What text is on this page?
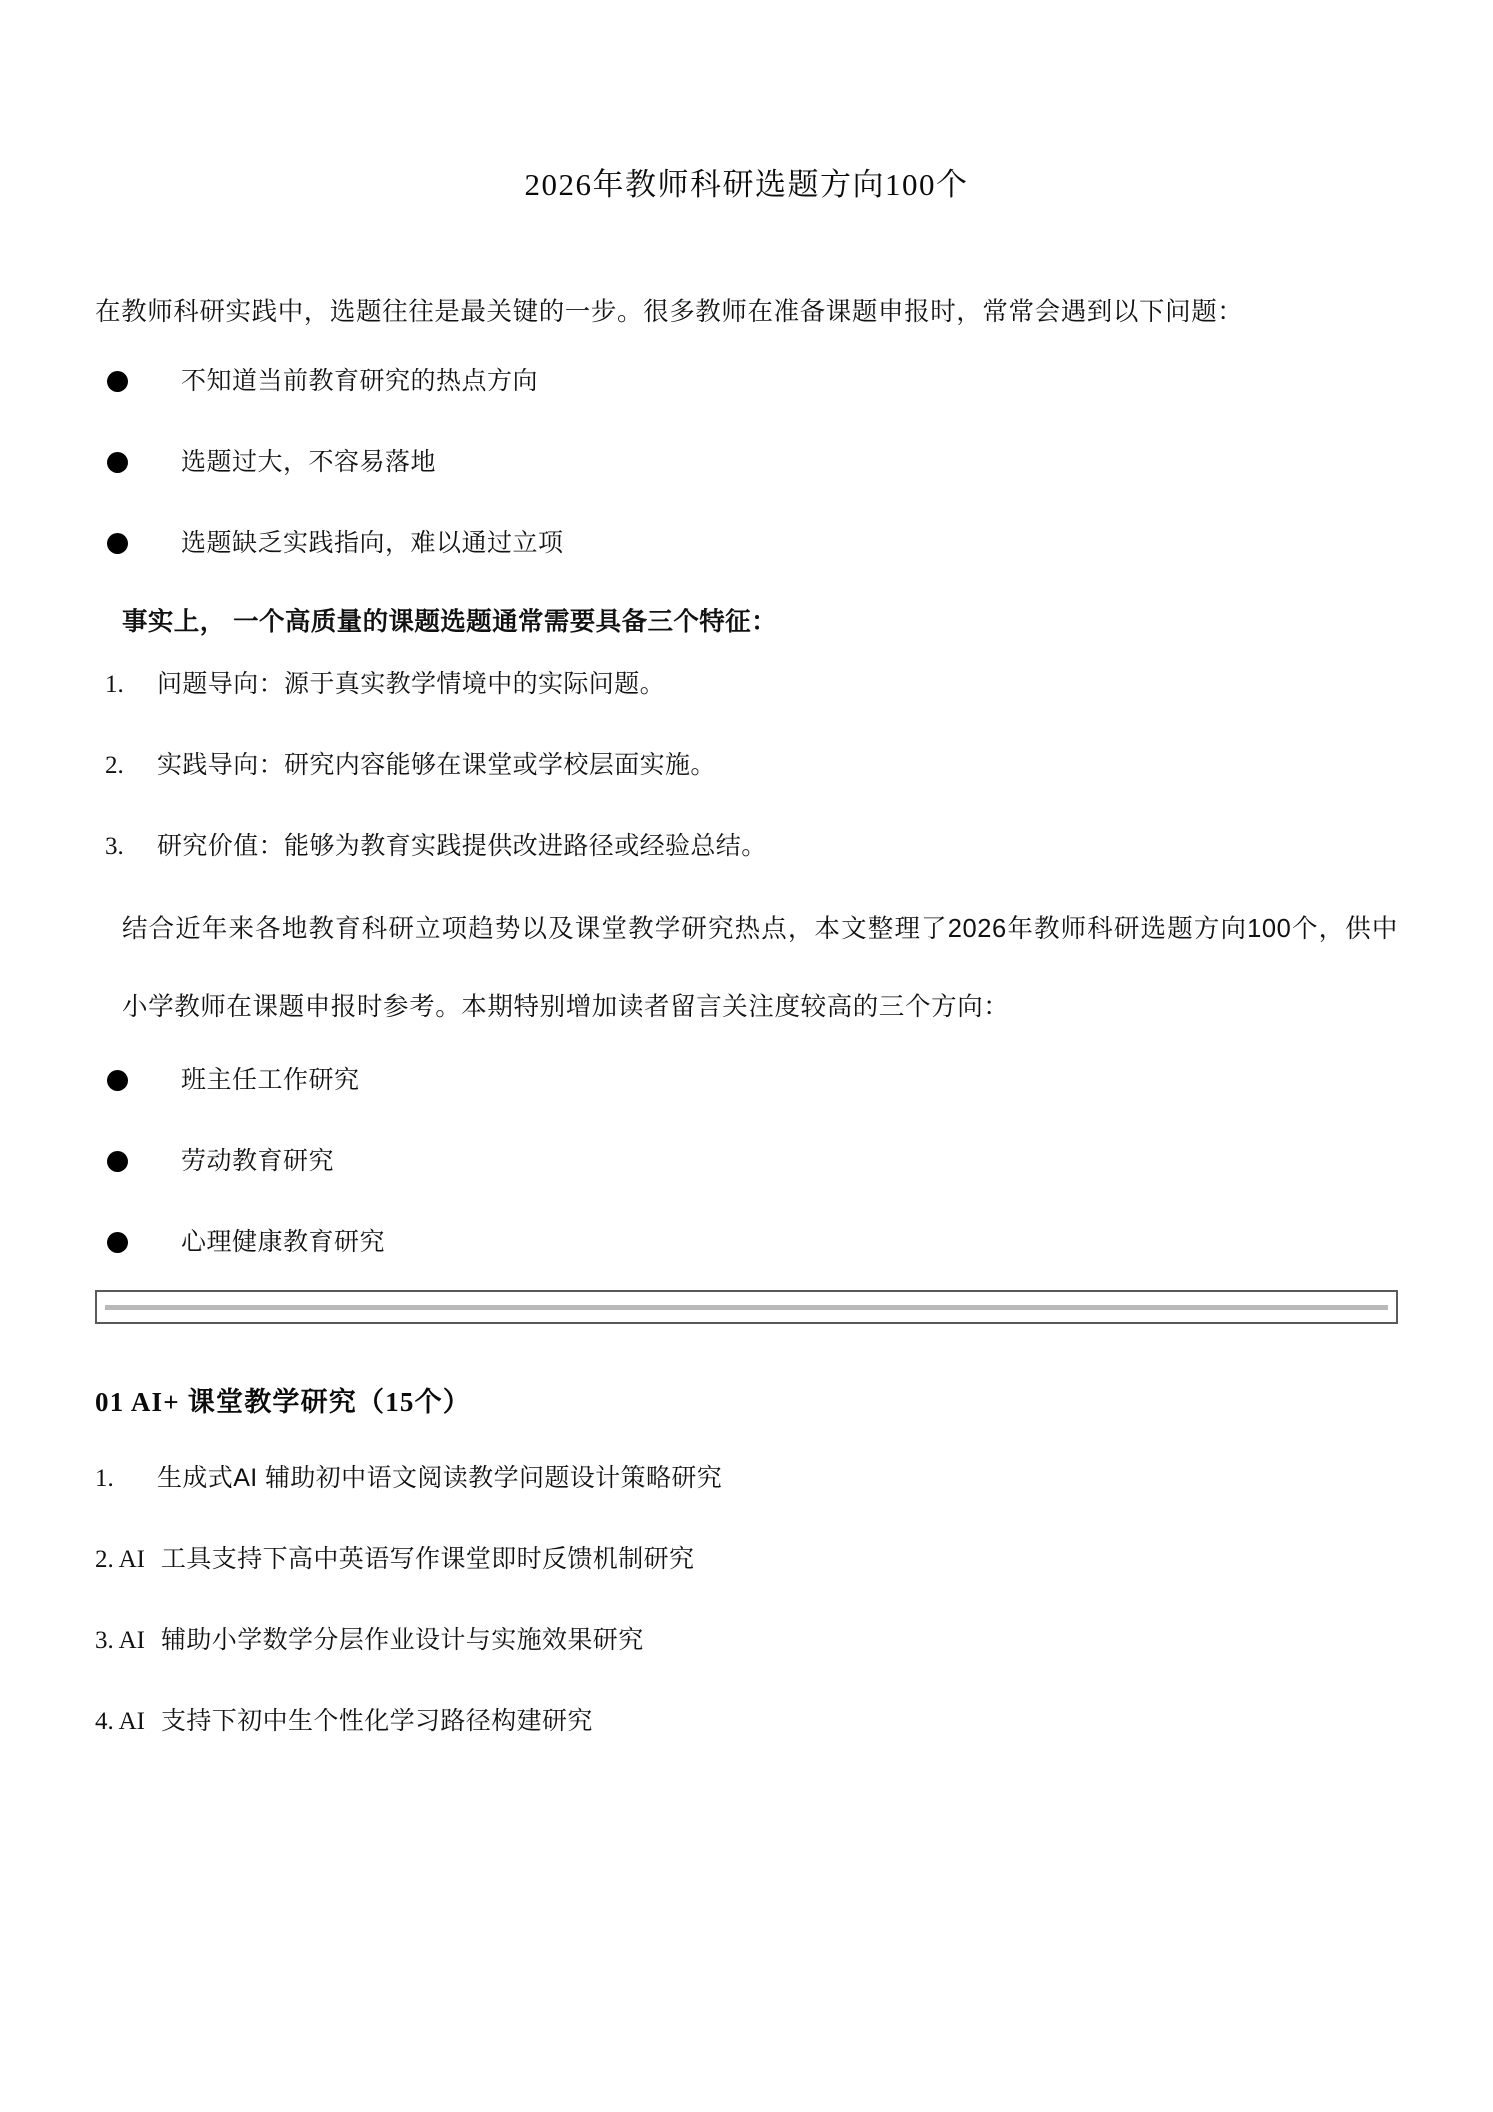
2026年教师科研选题方向100个

在教师科研实践中，选题往往是最关键的一步。很多教师在准备课题申报时，常常会遇到以下问题：

不知道当前教育研究的热点方向
选题过大，不容易落地
选题缺乏实践指向，难以通过立项

事实上， 一个高质量的课题选题通常需要具备三个特征：

1.	问题导向：源于真实教学情境中的实际问题。
2.	实践导向：研究内容能够在课堂或学校层面实施。
3.	研究价值：能够为教育实践提供改进路径或经验总结。

结合近年来各地教育科研立项趋势以及课堂教学研究热点，本文整理了2026年教师科研选题方向100个，供中小学教师在课题申报时参考。本期特别增加读者留言关注度较高的三个方向：

班主任工作研究
劳动教育研究
心理健康教育研究
01 AI+ 课堂教学研究（15个）
1.	生成式AI 辅助初中语文阅读教学问题设计策略研究
2. AI 工具支持下高中英语写作课堂即时反馈机制研究
3. AI 辅助小学数学分层作业设计与实施效果研究
4. AI 支持下初中生个性化学习路径构建研究
